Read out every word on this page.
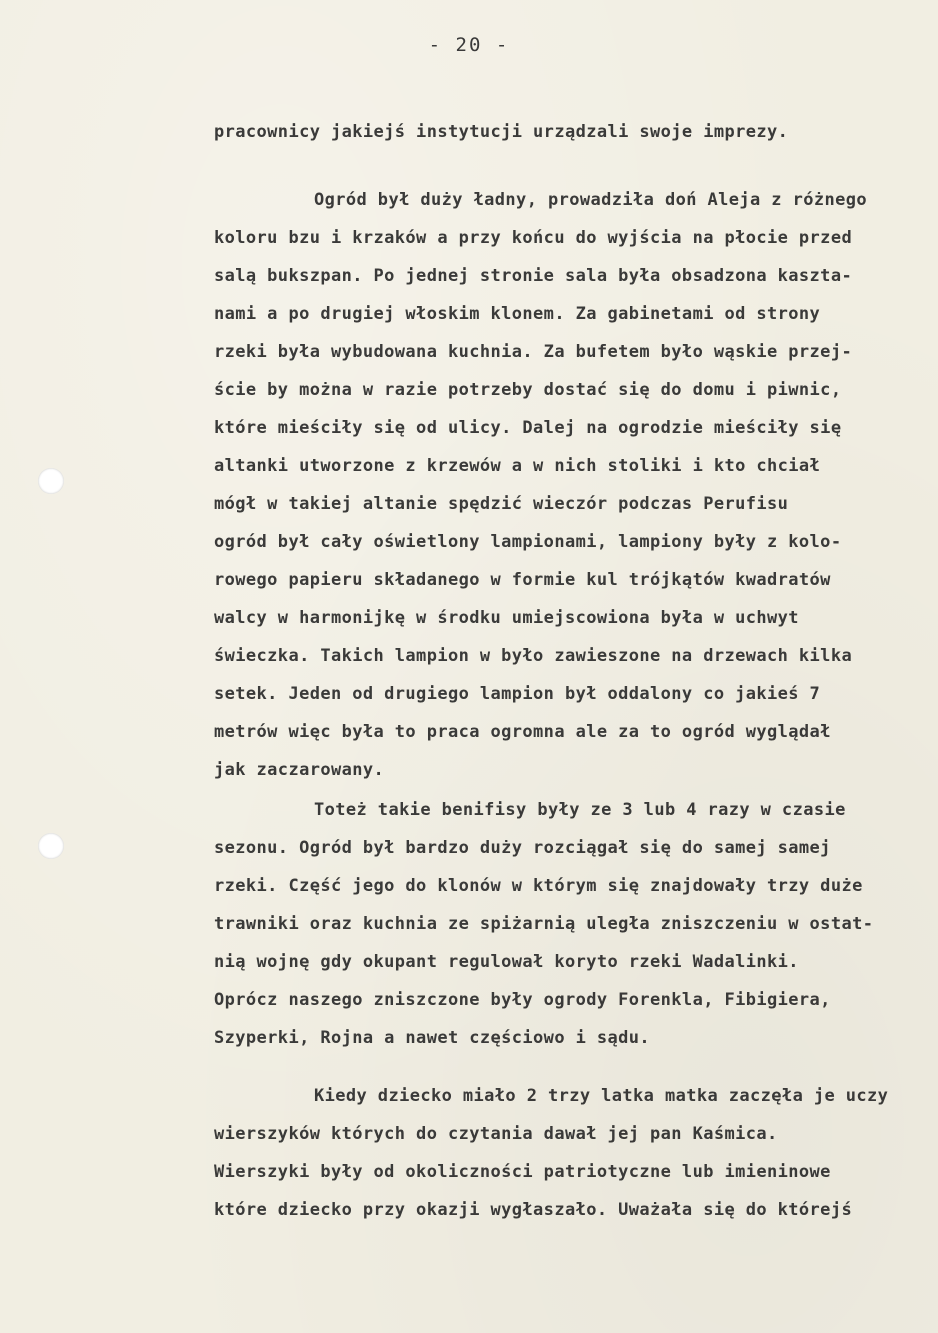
- 20 -
pracownicy jakiejś instytucji urządzali swoje imprezy.
Ogród był duży ładny, prowadziła doń Aleja z różnego
koloru bzu i krzaków a przy końcu do wyjścia na płocie przed
salą bukszpan. Po jednej stronie sala była obsadzona kaszta-
nami a po drugiej włoskim klonem. Za gabinetami od strony
rzeki była wybudowana kuchnia. Za bufetem było wąskie przej-
ście by można w razie potrzeby dostać się do domu i piwnic,
które mieściły się od ulicy. Dalej na ogrodzie mieściły się
altanki utworzone z krzewów a w nich stoliki i kto chciał
mógł w takiej altanie spędzić wieczór podczas Perufisu
ogród był cały oświetlony lampionami, lampiony były z kolo-
rowego papieru składanego w formie kul trójkątów kwadratów
walcy w harmonijkę w środku umiejscowiona była w uchwyt
świeczka. Takich lampion w było zawieszone na drzewach kilka
setek. Jeden od drugiego lampion był oddalony co jakieś 7
metrów więc była to praca ogromna ale za to ogród wyglądał
jak zaczarowany.
Toteż takie benifisy były ze 3 lub 4 razy w czasie
sezonu. Ogród był bardzo duży rozciągał się do samej samej
rzeki. Część jego do klonów w którym się znajdowały trzy duże
trawniki oraz kuchnia ze spiżarnią uległa zniszczeniu w ostat-
nią wojnę gdy okupant regulował koryto rzeki Wadalinki.
Oprócz naszego zniszczone były ogrody Forenkla, Fibigiera,
Szyperki, Rojna a nawet częściowo i sądu.
Kiedy dziecko miało 2 trzy latka matka zaczęła je uczy
wierszyków których do czytania dawał jej pan Kaśmica.
Wierszyki były od okoliczności patriotyczne lub imieninowe
które dziecko przy okazji wygłaszało. Uważała się do którejś
